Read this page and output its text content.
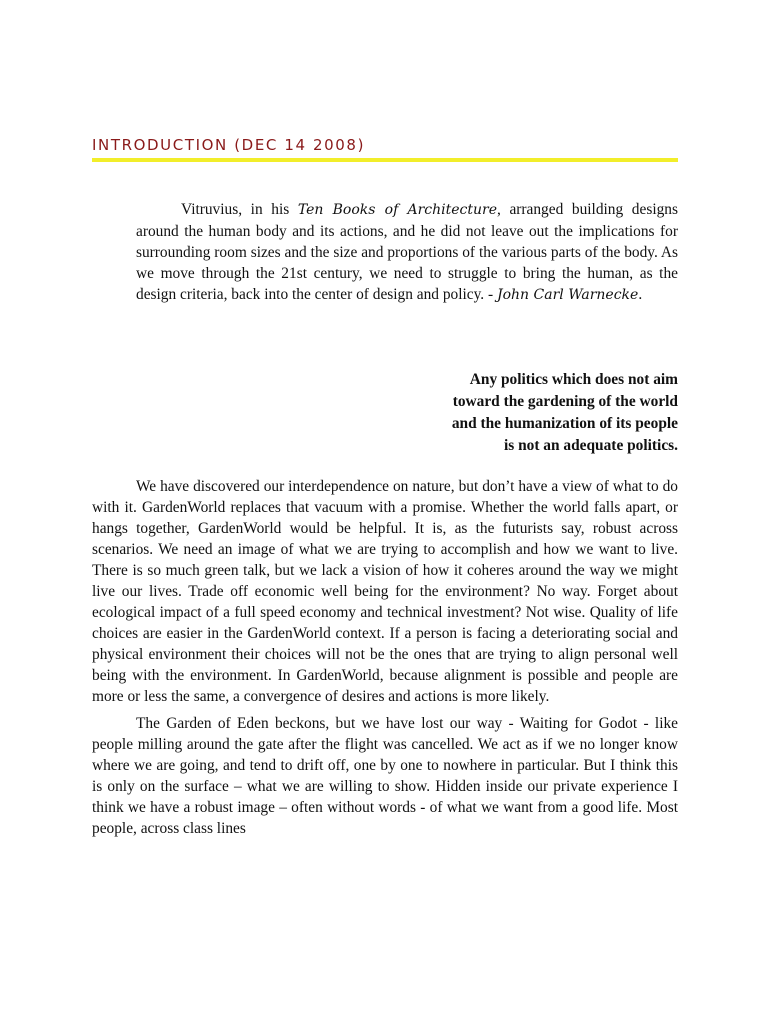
INTRODUCTION (DEC 14 2008)

Vitruvius, in his Ten Books of Architecture, arranged building designs around the human body and its actions, and he did not leave out the implications for surrounding room sizes and the size and proportions of the various parts of the body. As we move through the 21st century, we need to struggle to bring the human, as the design criteria, back into the center of design and policy. - John Carl Warnecke.

Any politics which does not aim
toward the gardening of the world
and the humanization of its people
is not an adequate politics.

We have discovered our interdependence on nature, but don’t have a view of what to do with it. GardenWorld replaces that vacuum with a promise. Whether the world falls apart, or hangs together, GardenWorld would be helpful. It is, as the futurists say, robust across scenarios. We need an image of what we are trying to accomplish and how we want to live. There is so much green talk, but we lack a vision of how it coheres around the way we might live our lives. Trade off economic well being for the environment? No way. Forget about ecological impact of a full speed economy and technical investment? Not wise. Quality of life choices are easier in the GardenWorld context. If a person is facing a deteriorating social and physical environment their choices will not be the ones that are trying to align personal well being with the environment. In GardenWorld, because alignment is possible and people are more or less the same, a convergence of desires and actions is more likely.

The Garden of Eden beckons, but we have lost our way - Waiting for Godot - like people milling around the gate after the flight was cancelled. We act as if we no longer know where we are going, and tend to drift off, one by one to nowhere in particular. But I think this is only on the surface – what we are willing to show. Hidden inside our private experience I think we have a robust image – often without words - of what we want from a good life. Most people, across class lines
